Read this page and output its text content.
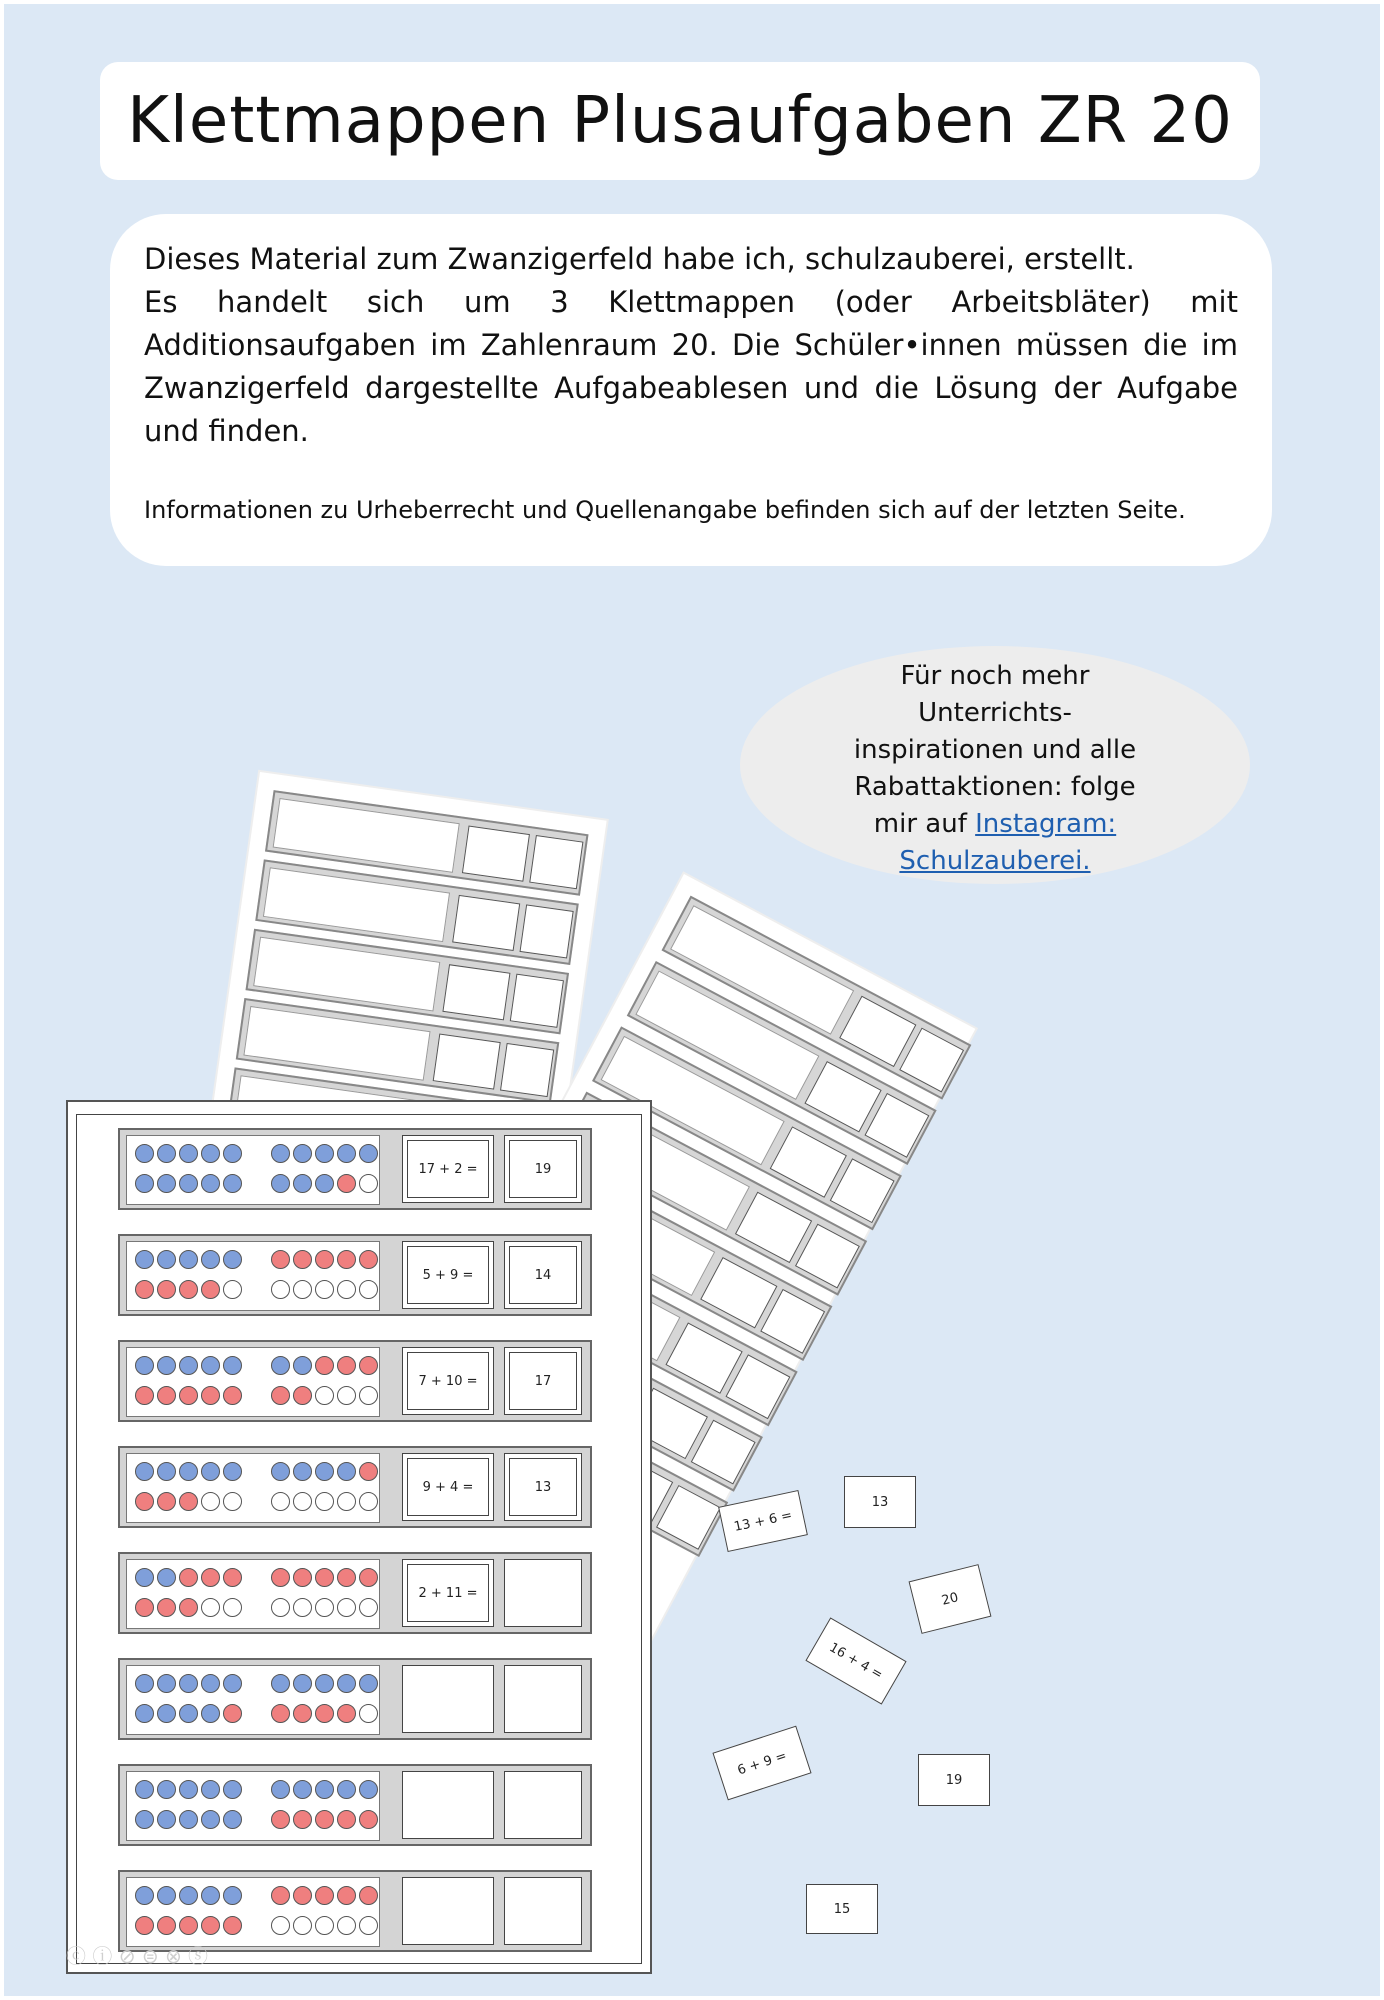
Klettmappen Plusaufgaben ZR 20

Dieses Material zum Zwanzigerfeld habe ich, schulzauberei, erstellt.

Es handelt sich um 3 Klettmappen (oder Arbeitsbläter) mit Additionsaufgaben im Zahlenraum 20. Die Schüler•innen müssen die im Zwanzigerfeld dargestellte Aufgabeablesen und die Lösung der Aufgabe und finden.

Informationen zu Urheberrecht und Quellenangabe befinden sich auf der letzten Seite.
Für noch mehr Unterrichts-inspirationen und alle Rabattaktionen: folge mir auf Instagram: Schulzauberei.
17 + 2 =	19
5 + 9 =	14
7 + 10 =	17
9 + 4 =	13
2 + 11 =
13 + 6 =
13
20
16 + 4 =
6 + 9 =
19
15
ⓒ ⓘ ⊘ ⊜ ⊗ ⓢ
